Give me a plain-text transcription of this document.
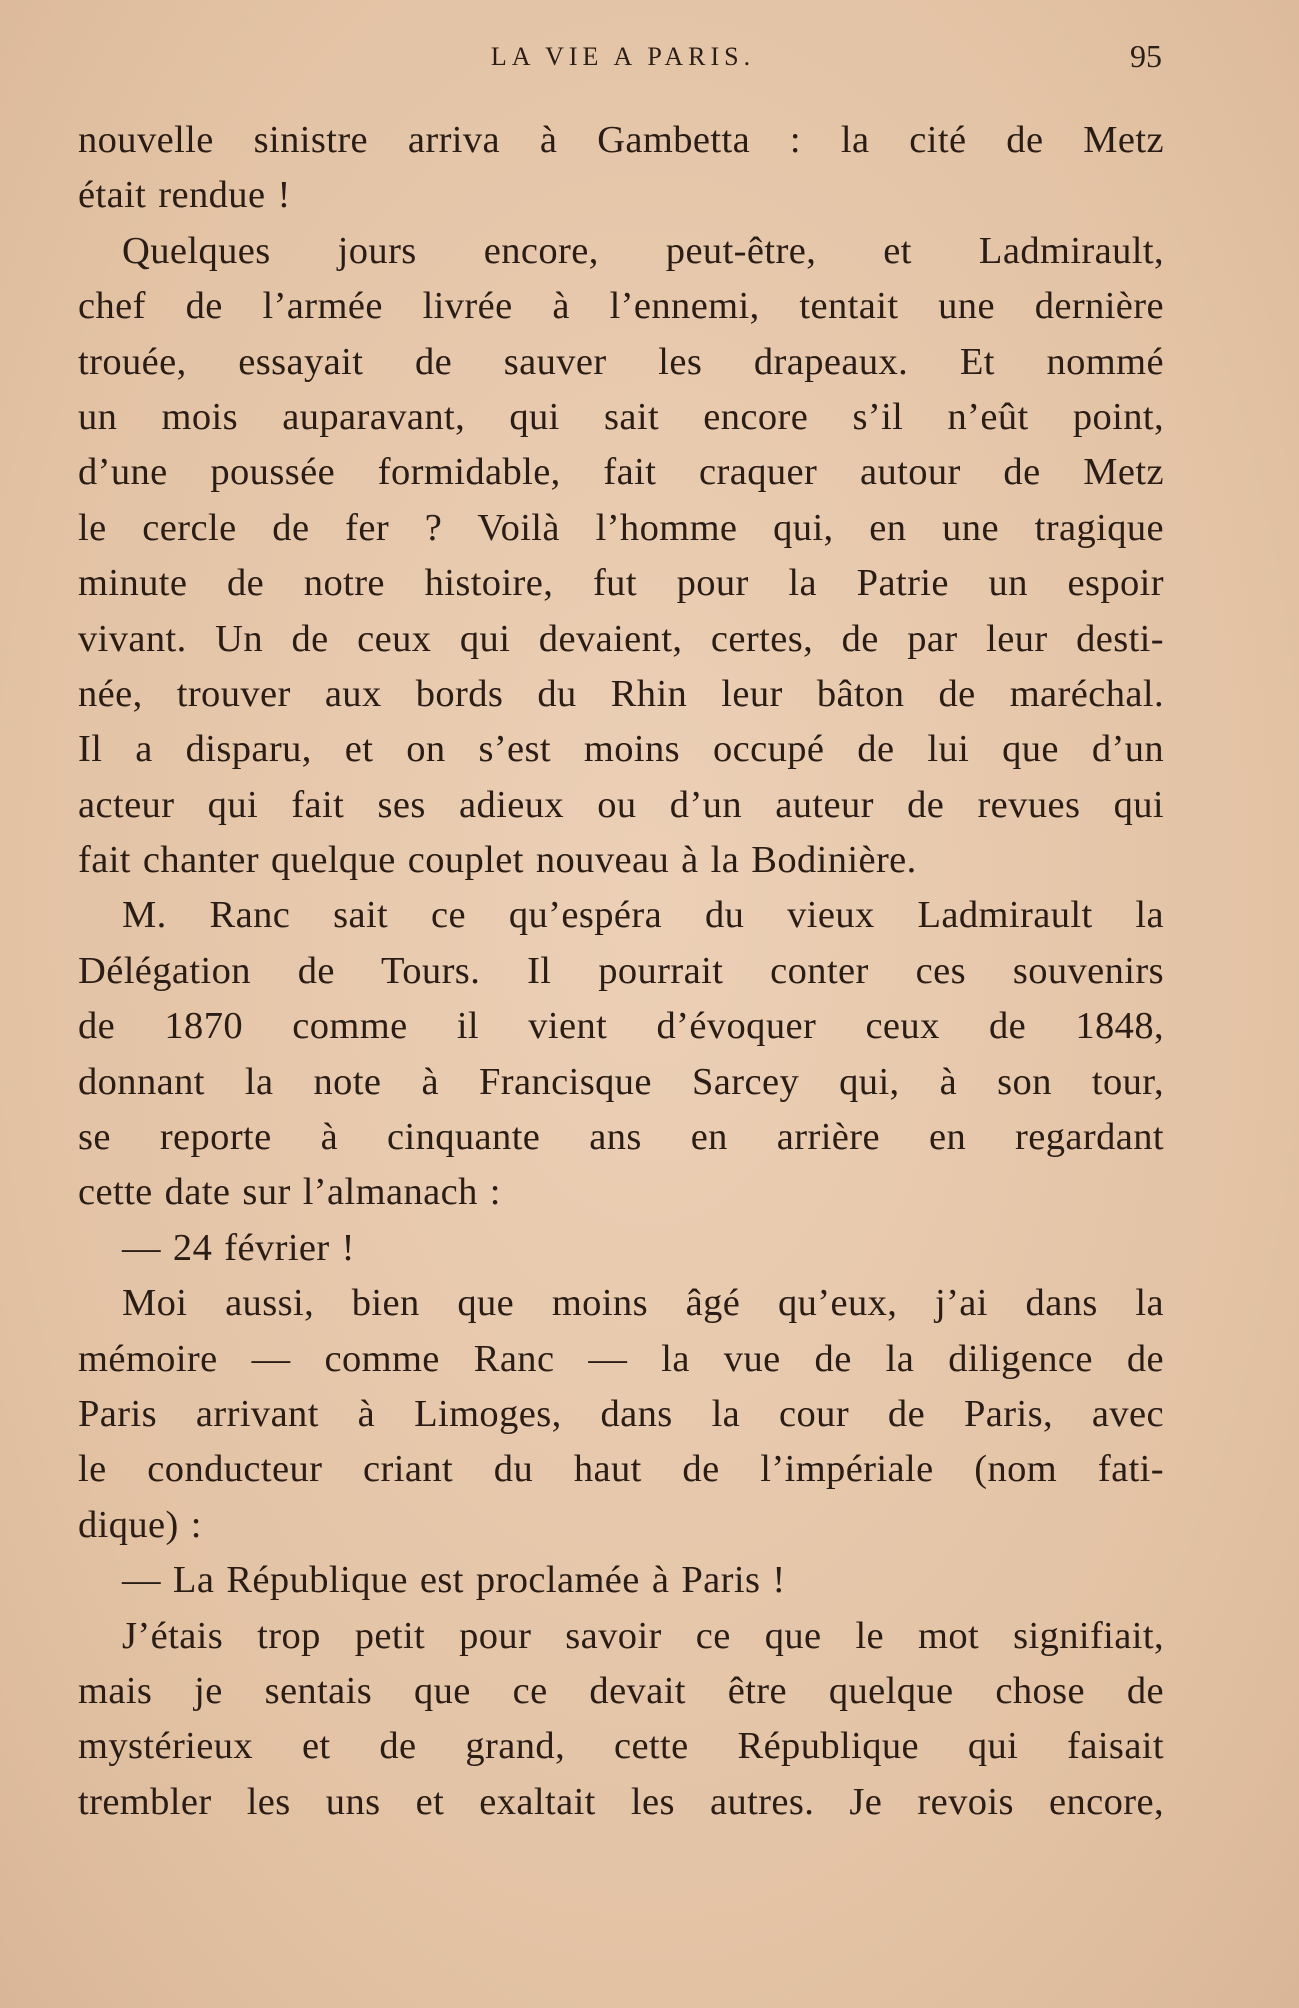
LA VIE A PARIS.	95
nouvelle sinistre arriva à Gambetta : la cité de Metz
était rendue !
Quelques jours encore, peut-être, et Ladmirault,
chef de l’armée livrée à l’ennemi, tentait une dernière
trouée, essayait de sauver les drapeaux. Et nommé
un mois auparavant, qui sait encore s’il n’eût point,
d’une poussée formidable, fait craquer autour de Metz
le cercle de fer ? Voilà l’homme qui, en une tragique
minute de notre histoire, fut pour la Patrie un espoir
vivant. Un de ceux qui devaient, certes, de par leur desti-
née, trouver aux bords du Rhin leur bâton de maréchal.
Il a disparu, et on s’est moins occupé de lui que d’un
acteur qui fait ses adieux ou d’un auteur de revues qui
fait chanter quelque couplet nouveau à la Bodinière.
M. Ranc sait ce qu’espéra du vieux Ladmirault la
Délégation de Tours. Il pourrait conter ces souvenirs
de 1870 comme il vient d’évoquer ceux de 1848,
donnant la note à Francisque Sarcey qui, à son tour,
se reporte à cinquante ans en arrière en regardant
cette date sur l’almanach :
— 24 février !
Moi aussi, bien que moins âgé qu’eux, j’ai dans la
mémoire — comme Ranc — la vue de la diligence de
Paris arrivant à Limoges, dans la cour de Paris, avec
le conducteur criant du haut de l’impériale (nom fati-
dique) :
— La République est proclamée à Paris !
J’étais trop petit pour savoir ce que le mot signifiait,
mais je sentais que ce devait être quelque chose de
mystérieux et de grand, cette République qui faisait
trembler les uns et exaltait les autres. Je revois encore,
